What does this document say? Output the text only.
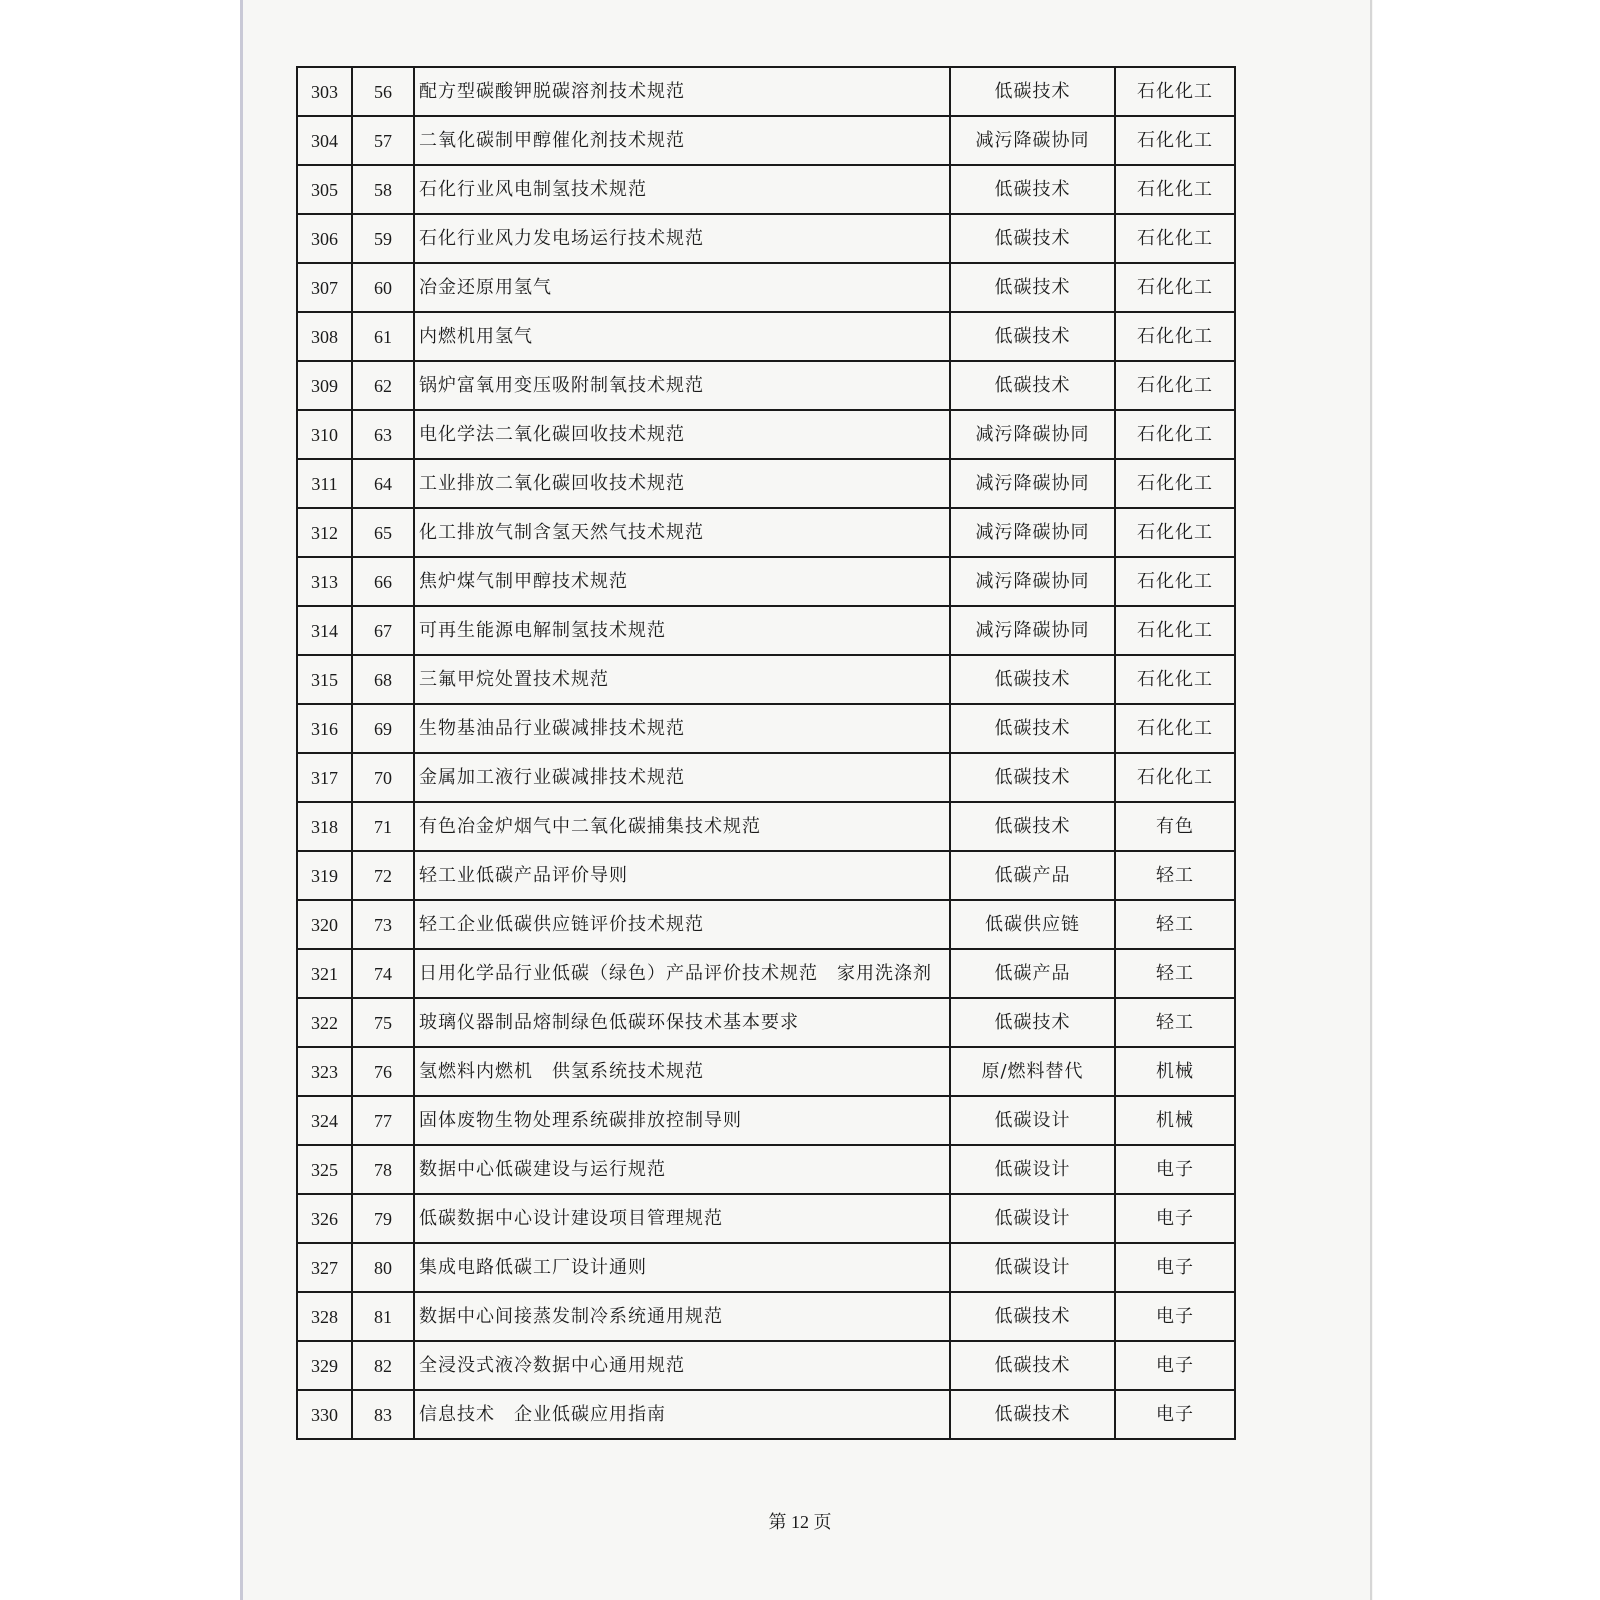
303	56	配方型碳酸钾脱碳溶剂技术规范	低碳技术	石化化工
304	57	二氧化碳制甲醇催化剂技术规范	减污降碳协同	石化化工
305	58	石化行业风电制氢技术规范	低碳技术	石化化工
306	59	石化行业风力发电场运行技术规范	低碳技术	石化化工
307	60	冶金还原用氢气	低碳技术	石化化工
308	61	内燃机用氢气	低碳技术	石化化工
309	62	锅炉富氧用变压吸附制氧技术规范	低碳技术	石化化工
310	63	电化学法二氧化碳回收技术规范	减污降碳协同	石化化工
311	64	工业排放二氧化碳回收技术规范	减污降碳协同	石化化工
312	65	化工排放气制含氢天然气技术规范	减污降碳协同	石化化工
313	66	焦炉煤气制甲醇技术规范	减污降碳协同	石化化工
314	67	可再生能源电解制氢技术规范	减污降碳协同	石化化工
315	68	三氟甲烷处置技术规范	低碳技术	石化化工
316	69	生物基油品行业碳减排技术规范	低碳技术	石化化工
317	70	金属加工液行业碳减排技术规范	低碳技术	石化化工
318	71	有色冶金炉烟气中二氧化碳捕集技术规范	低碳技术	有色
319	72	轻工业低碳产品评价导则	低碳产品	轻工
320	73	轻工企业低碳供应链评价技术规范	低碳供应链	轻工
321	74	日用化学品行业低碳（绿色）产品评价技术规范　家用洗涤剂	低碳产品	轻工
322	75	玻璃仪器制品熔制绿色低碳环保技术基本要求	低碳技术	轻工
323	76	氢燃料内燃机　供氢系统技术规范	原/燃料替代	机械
324	77	固体废物生物处理系统碳排放控制导则	低碳设计	机械
325	78	数据中心低碳建设与运行规范	低碳设计	电子
326	79	低碳数据中心设计建设项目管理规范	低碳设计	电子
327	80	集成电路低碳工厂设计通则	低碳设计	电子
328	81	数据中心间接蒸发制冷系统通用规范	低碳技术	电子
329	82	全浸没式液冷数据中心通用规范	低碳技术	电子
330	83	信息技术　企业低碳应用指南	低碳技术	电子
第 12 页
